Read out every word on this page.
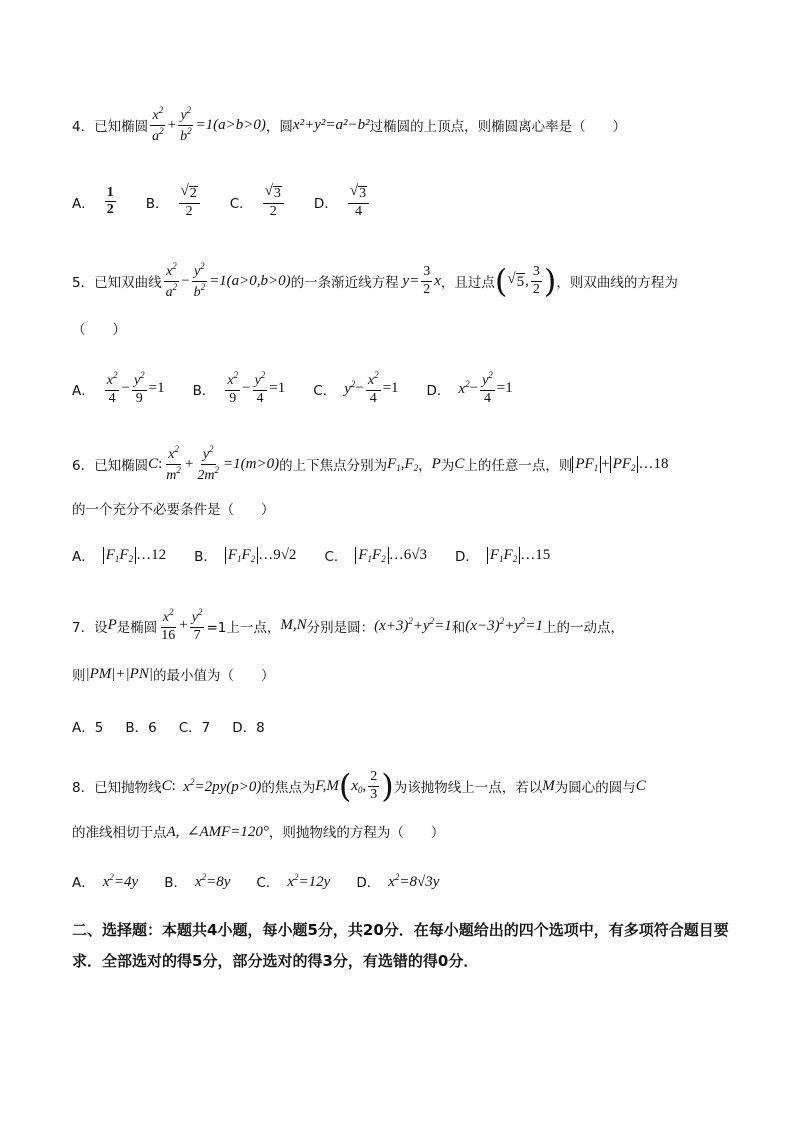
4．已知椭圆 $\frac{x^2}{a^2} + \frac{y^2}{b^2} =1(a>b>0)$ ，圆 x²+y²=a²−b² 过椭圆的上顶点，则椭圆离心率是（　　）
A． $\frac{1}{2}$ B． $\frac{√ 2}{2}$ C． $\frac{√ 3}{2}$ D． $\frac{√ 3}{4}$
5．已知双曲线 $\frac{x^2}{a^2} - \frac{y^2}{b^2} =1(a>0,b>0)$ 的一条渐近线方程 $y= \frac{3}{2}$ x ，且过点 ( √ 5 , $\frac{3}{2}$ ) ，则双曲线的方程为
（　　）
A． $\frac{x^2}{4} - \frac{y^2}{9} =1$ B． $\frac{x^2}{9} - \frac{y^2}{4} =1$ C． $y^2 - \frac{x^2}{4} =1$ D． $x^2 - \frac{y^2}{4} =1$
6．已知椭圆 C : $\frac{x^2}{m^2} + \frac{y^2}{2m^2} =1(m>0)$ 的上下焦点分别为 $F_1,F_2$ ， P 为 C 上的任意一点，则 $PF_1 + PF_2$ … 18
的一个充分不必要条件是（　　）
A． $F_1F_2$ … 12 B． $F_1F_2$ … 9√2 C． $F_1F_2$ … 6√3 D． $F_1F_2$ … 15
7．设 P 是椭圆 $\frac{x^2}{16} + \frac{y^2}{7} =1$上一点， M,N 分别是圆： $(x+3)^2+y^2=1$ 和 $(x-3)^2+y^2=1$ 上的一动点，
则 |PM|+|PN| 的最小值为（　　）
A．5 B．6 C．7 D．8
8．已知抛物线 C : $x^2=2py(p>0)$ 的焦点为 F,M ( $x_0$, $\frac{2}{3}$ ) 为该抛物线上一点，若以 M 为圆心的圆与 C
的准线相切于点 A,  ∠AMF=120° ，则抛物线的方程为（　　）
A． $x^2=4y$ B． $x^2=8y$ C． $x^2=12y$ D． $x^2=8√3y$
二、选择题：本题共4小题，每小题5分，共20分．在每小题给出的四个选项中，有多项符合题目要求．全部选对的得5分，部分选对的得3分，有选错的得0分．
